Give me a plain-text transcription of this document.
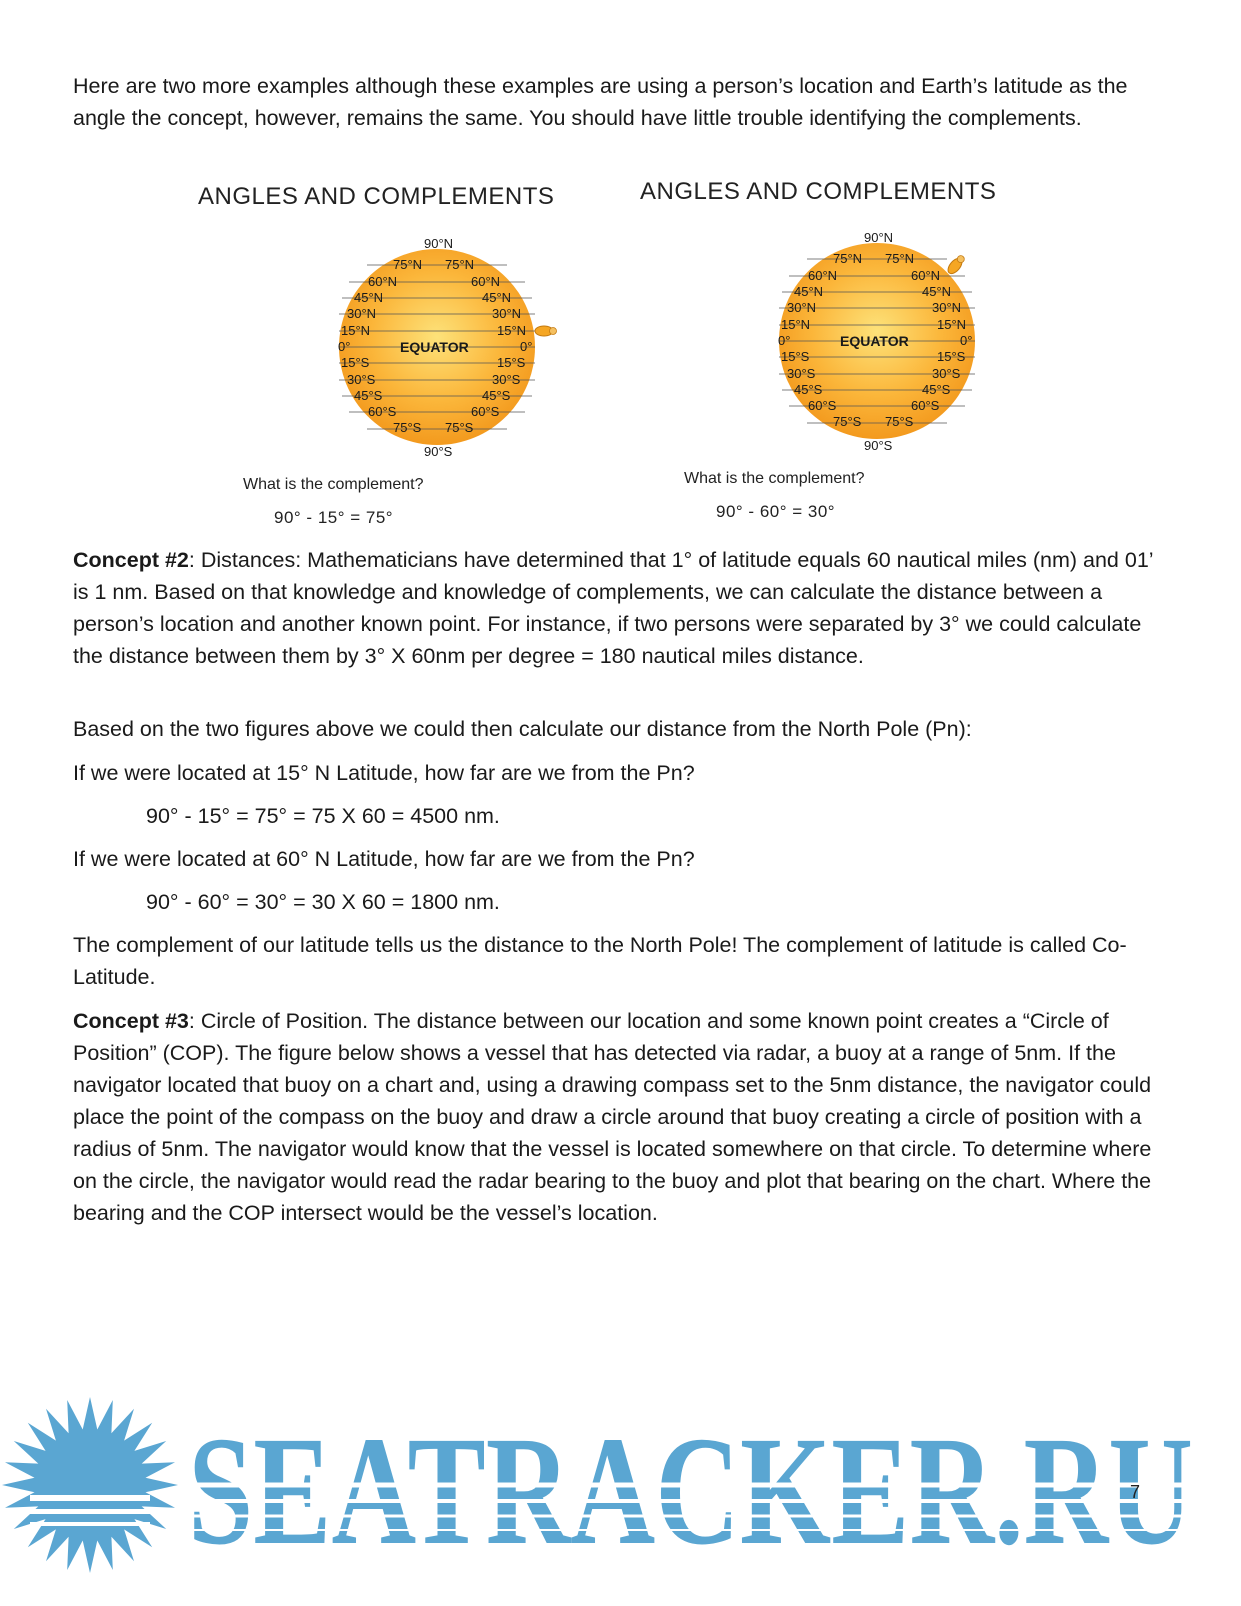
Here are two more examples although these examples are using a person’s location and Earth’s latitude as the angle the concept, however, remains the same. You should have little trouble identifying the complements.

ANGLES AND COMPLEMENTS
90°N
75°N 75°N
60°N	60°N
45°N	45°N
30°N	30°N
15°N	15°N
0°	0°
EQUATOR
15°S	15°S
30°S	30°S
45°S	45°S
60°S	60°S
75°S 75°S
90°S
What is the complement?
90° - 15° = 75°
ANGLES AND COMPLEMENTS
90°N
75°N 75°N
60°N	60°N
45°N	45°N
30°N	30°N
15°N	15°N
0°	0°
EQUATOR
15°S	15°S
30°S	30°S
45°S	45°S
60°S	60°S
75°S 75°S
90°S
What is the complement?
90° - 60° = 30°

Concept #2: Distances: Mathematicians have determined that 1° of latitude equals 60 nautical miles (nm) and 01’ is 1 nm. Based on that knowledge and knowledge of complements, we can calculate the distance between a person’s location and another known point. For instance, if two persons were separated by 3° we could calculate the distance between them by 3° X 60nm per degree = 180 nautical miles distance.

Based on the two figures above we could then calculate our distance from the North Pole (Pn):

If we were located at 15° N Latitude, how far are we from the Pn?

90° - 15° = 75° = 75 X 60 = 4500 nm.

If we were located at 60° N Latitude, how far are we from the Pn?

90° - 60° = 30° = 30 X 60 = 1800 nm.

The complement of our latitude tells us the distance to the North Pole! The complement of latitude is called Co-Latitude.

Concept #3: Circle of Position. The distance between our location and some known point creates a “Circle of Position” (COP). The figure below shows a vessel that has detected via radar, a buoy at a range of 5nm. If the navigator located that buoy on a chart and, using a drawing compass set to the 5nm distance, the navigator could place the point of the compass on the buoy and draw a circle around that buoy creating a circle of position with a radius of 5nm. The navigator would know that the vessel is located somewhere on that circle. To determine where on the circle, the navigator would read the radar bearing to the buoy and plot that bearing on the chart. Where the bearing and the COP intersect would be the vessel’s location.

SEATRACKER.RU
7
